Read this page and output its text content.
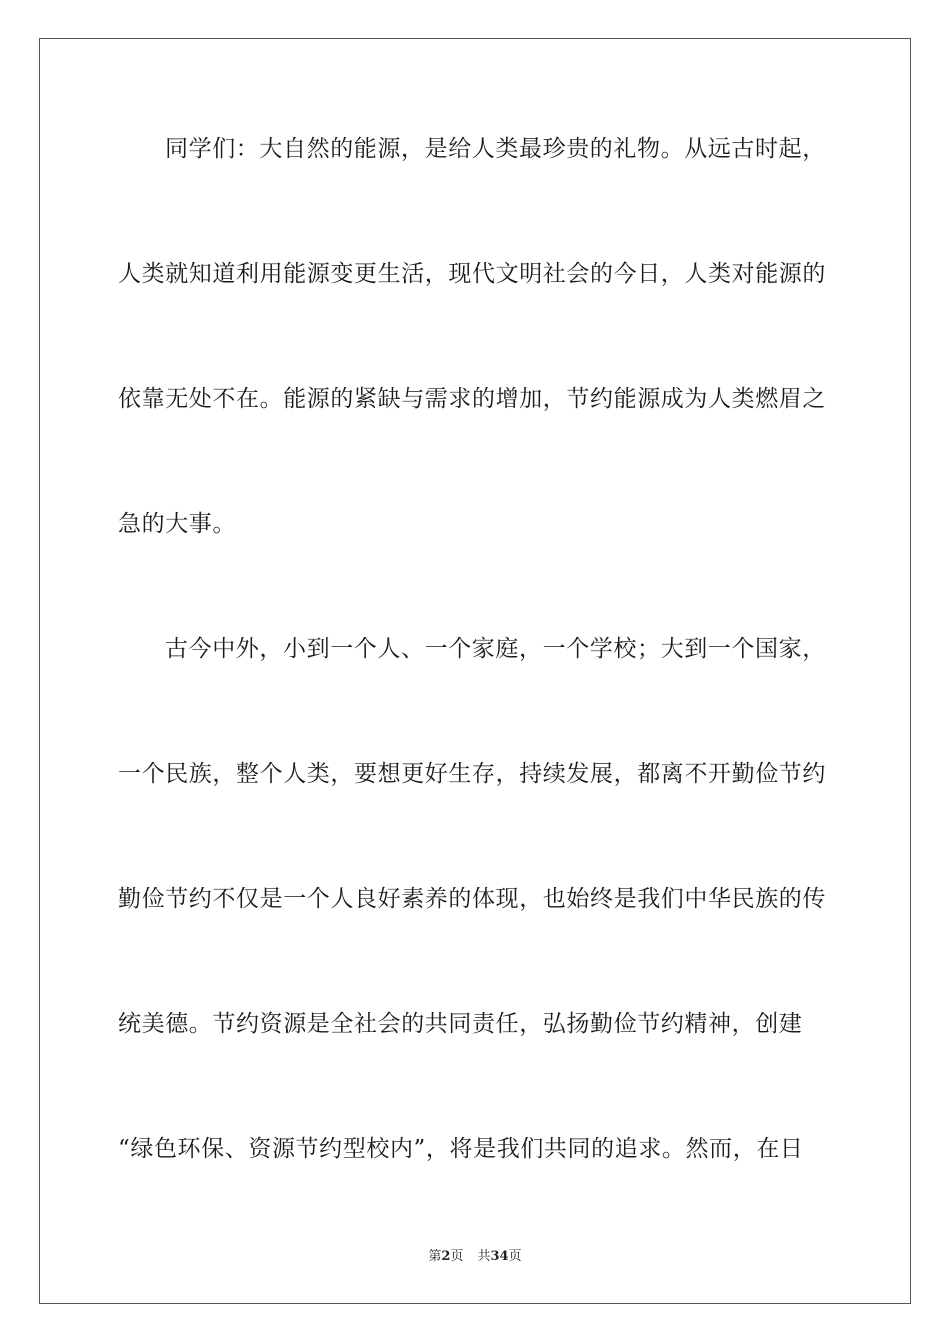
同学们：大自然的能源，是给人类最珍贵的礼物。从远古时起，
人类就知道利用能源变更生活，现代文明社会的今日，人类对能源的
依靠无处不在。能源的紧缺与需求的增加，节约能源成为人类燃眉之
急的大事。
古今中外，小到一个人、一个家庭，一个学校；大到一个国家，
一个民族，整个人类，要想更好生存，持续发展，都离不开勤俭节约
勤俭节约不仅是一个人良好素养的体现，也始终是我们中华民族的传
统美德。节约资源是全社会的共同责任，弘扬勤俭节约精神，创建
“绿色环保、资源节约型校内”，将是我们共同的追求。然而，在日
第2页 共34页
